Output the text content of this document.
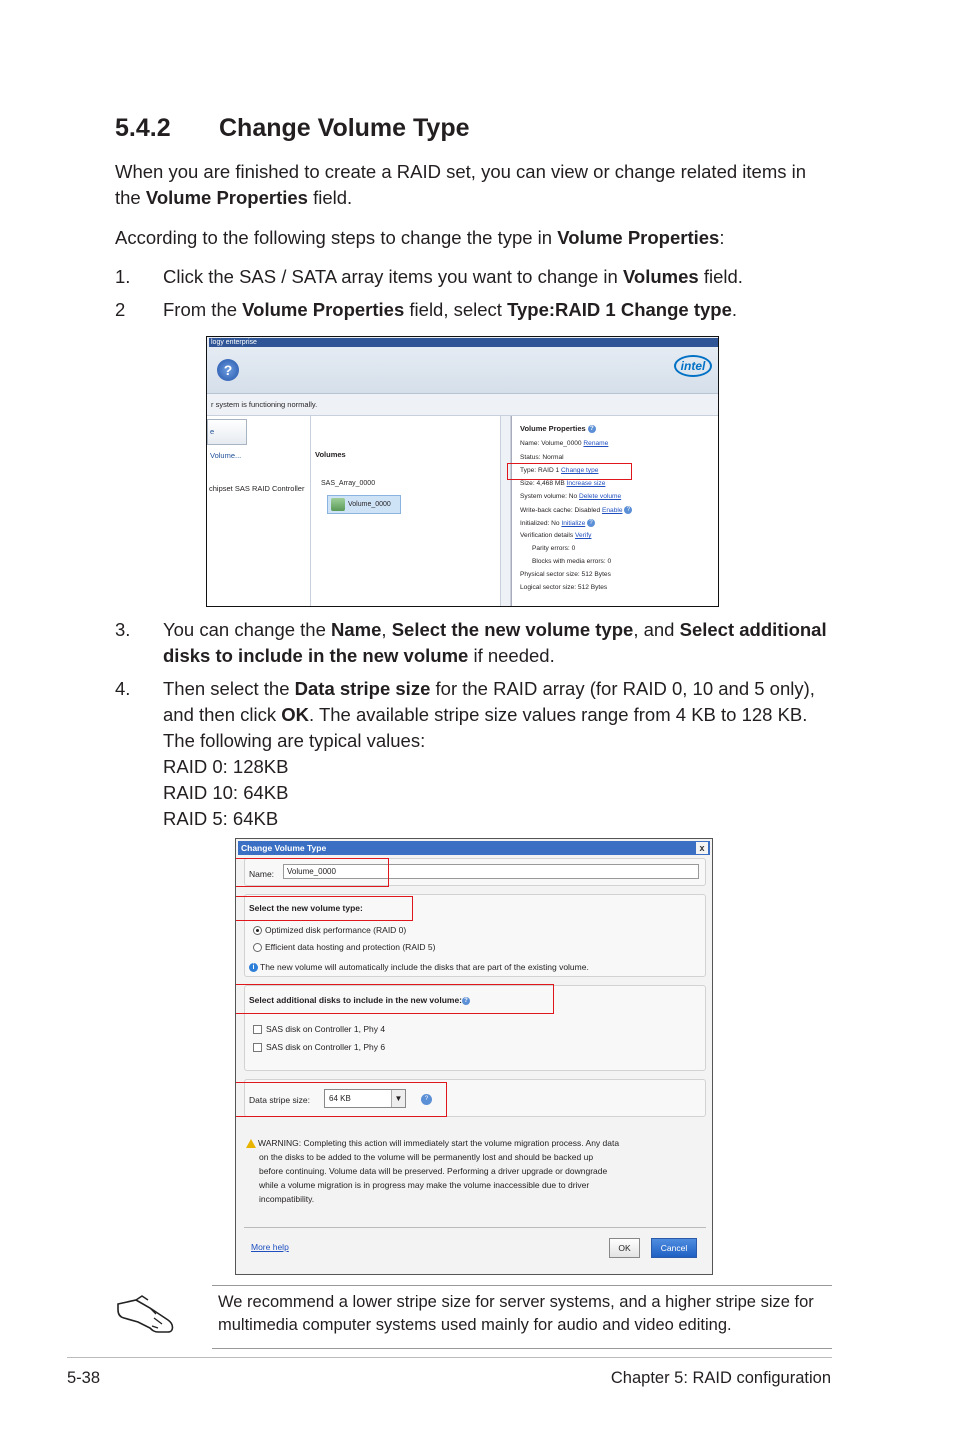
5.4.2 Change Volume Type
When you are finished to create a RAID set, you can view or change related items in the Volume Properties field.
According to the following steps to change the type in Volume Properties:
1. Click the SAS / SATA array items you want to change in Volumes field.
2 From the Volume Properties field, select Type:RAID 1 Change type.
logy enterprise
?	intel
r system is functioning normally.
e Volume...
chipset SAS RAID Controller
Volumes
SAS_Array_0000
Volume_0000
Volume Properties ?
Name: Volume_0000 Rename
Status: Normal
Type: RAID 1 Change type
Size: 4,468 MB Increase size
System volume: No Delete volume
Write-back cache: Disabled Enable ?
Initialized: No Initialize ?
Verification details Verify
Parity errors: 0
Blocks with media errors: 0
Physical sector size: 512 Bytes
Logical sector size: 512 Bytes
3. You can change the Name, Select the new volume type, and Select additional disks to include in the new volume if needed.
4. Then select the Data stripe size for the RAID array (for RAID 0, 10 and 5 only), and then click OK. The available stripe size values range from 4 KB to 128 KB. The following are typical values:
RAID 0: 128KB
RAID 10: 64KB
RAID 5: 64KB
Change Volume Type	x
Name:	Volume_0000
Select the new volume type:
Optimized disk performance (RAID 0)
Efficient data hosting and protection (RAID 5)
i The new volume will automatically include the disks that are part of the existing volume.
Select additional disks to include in the new volume: ?
SAS disk on Controller 1, Phy 4
SAS disk on Controller 1, Phy 6
Data stripe size:	64 KB	▼	?
WARNING: Completing this action will immediately start the volume migration process. Any data
on the disks to be added to the volume will be permanently lost and should be backed up
before continuing. Volume data will be preserved. Performing a driver upgrade or downgrade
while a volume migration is in progress may make the volume inaccessible due to driver
incompatibility.
More help	OK	Cancel
We recommend a lower stripe size for server systems, and a higher stripe size for multimedia computer systems used mainly for audio and video editing.
5-38	Chapter 5: RAID configuration
